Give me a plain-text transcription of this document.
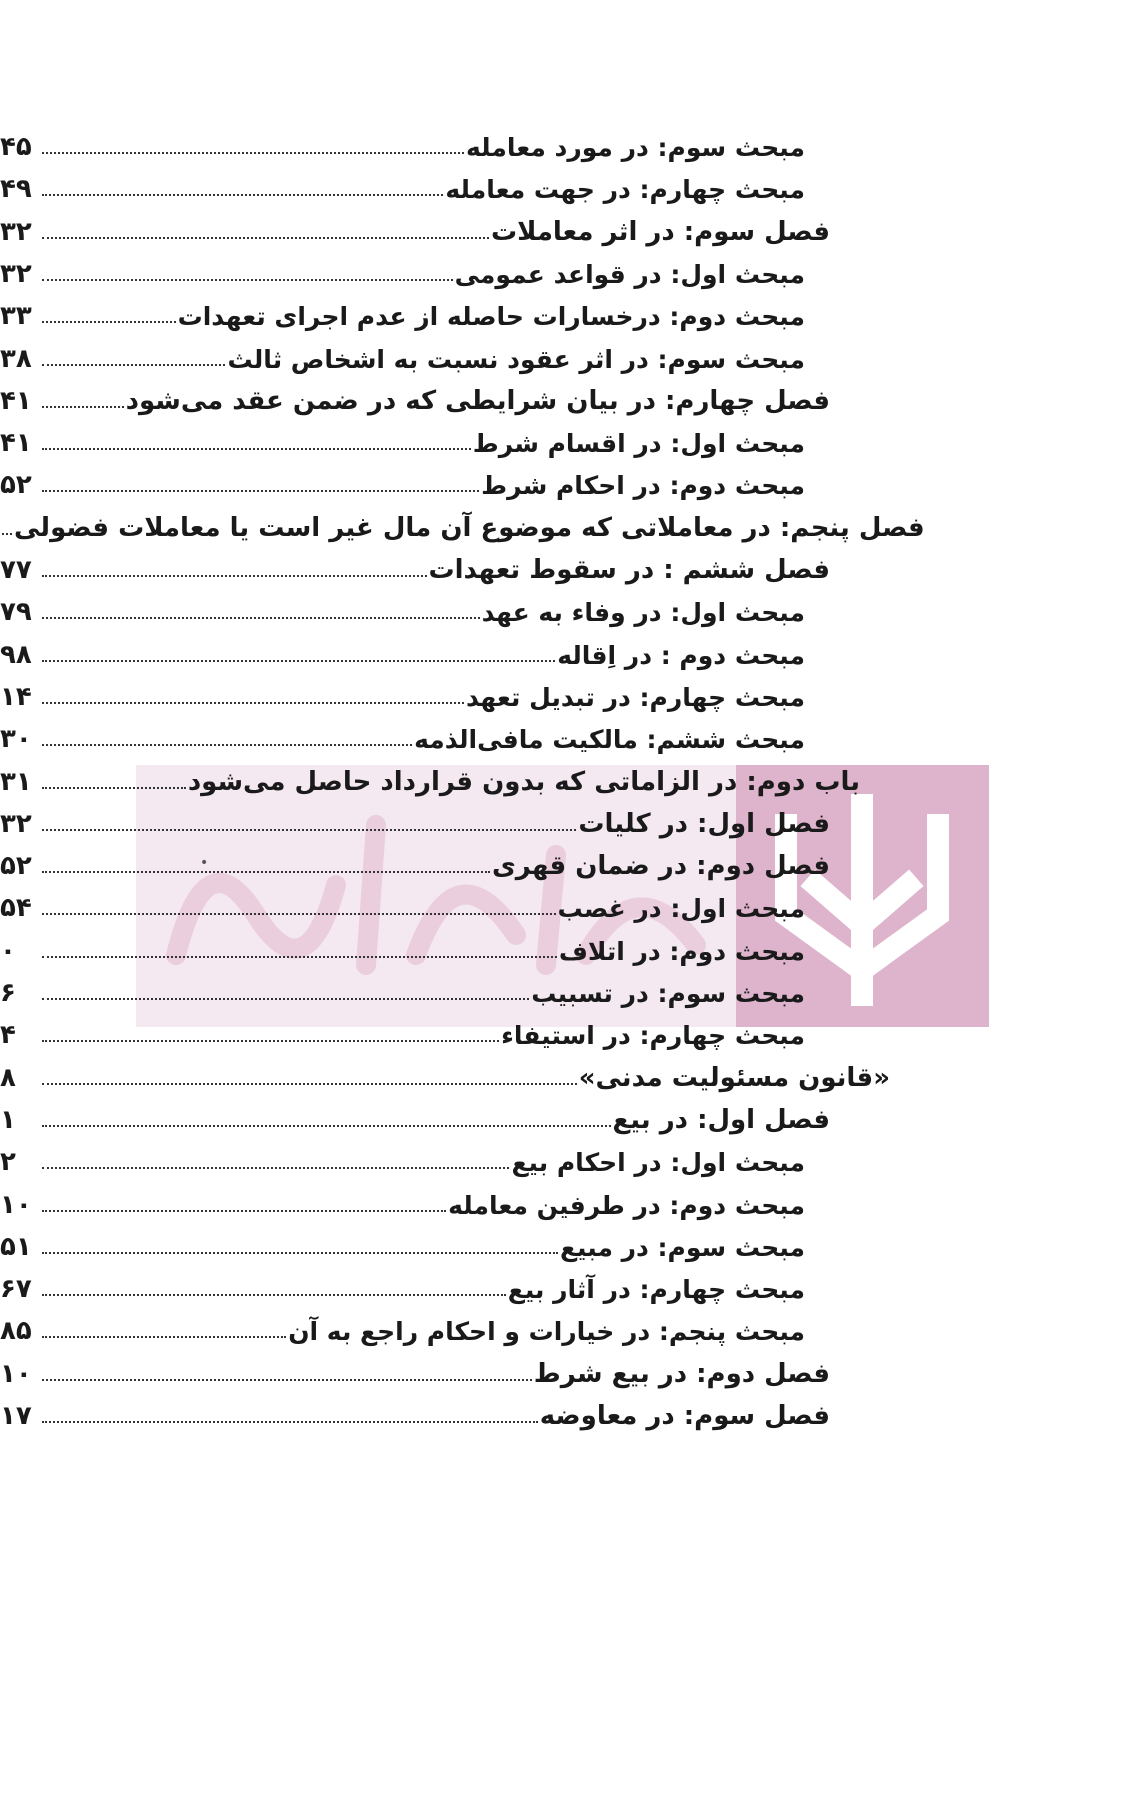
۴۵	مبحث سوم: در مورد معامله
۴۹	مبحث چهارم: در جهت معامله
۳۲	فصل سوم: در اثر معاملات
۳۲	مبحث اول: در قواعد عمومی
۳۳	مبحث دوم: درخسارات حاصله از عدم اجرای تعهدات
۳۸	مبحث سوم: در اثر عقود نسبت به اشخاص ثالث
۴۱	فصل چهارم: در بیان شرایطی که در ضمن عقد می‌شود
۴۱	مبحث اول: در اقسام شرط
۵۲	مبحث دوم: در احکام شرط
فصل پنجم: در معاملاتی که موضوع آن مال غیر است یا معاملات فضولی
۷۷	فصل ششم : در سقوط تعهدات
۷۹	مبحث اول: در وفاء به عهد
۹۸	مبحث دوم : در اِقاله
۱۴	مبحث چهارم: در تبدیل تعهد
۳۰	مبحث ششم: مالکیت مافی‌الذمه
۳۱	باب دوم: در الزاماتی که بدون قرارداد حاصل می‌شود
۳۲	فصل اول: در کلیات
۵۲	فصل دوم: در ضمان قهری
۵۴	مبحث اول: در غصب
۰	مبحث دوم: در اتلاف
۶	مبحث سوم: در تسبیب
۴	مبحث چهارم: در استیفاء
۸	«قانون مسئولیت مدنی»
۱	فصل اول: در بیع
۲	مبحث اول: در احکام بیع
۱۰	مبحث دوم: در طرفین معامله
۵۱	مبحث سوم: در مبیع
۶۷	مبحث چهارم: در آثار بیع
۸۵	مبحث پنجم: در خیارات و احکام راجع به آن
۱۰	فصل دوم: در بیع شرط
۱۷	فصل سوم: در معاوضه
•
